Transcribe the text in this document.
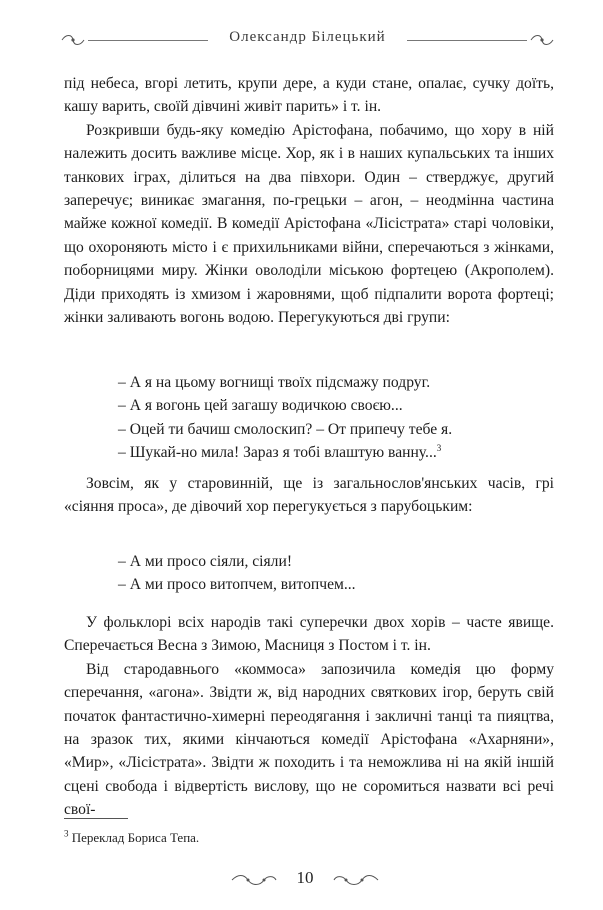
Олександр Білецький

під небеса, вгорі летить, крупи дере, а куди стане, опалає, сучку доїть, кашу варить, своїй дівчині живіт парить» і т. ін.

Розкривши будь-яку комедію Арістофана, побачимо, що хору в ній належить досить важливе місце. Хор, як і в наших купальських та інших танкових іграх, ділиться на два півхори. Один – стверджує, другий заперечує; виникає змагання, по-грецьки – агон, – неодмінна частина майже кожної комедії. В комедії Арістофана «Лісістрата» старі чоловіки, що охороняють місто і є прихильниками війни, сперечаються з жінками, поборницями миру. Жінки оволоділи міською фортецею (Акрополем). Діди приходять із хмизом і жаровнями, щоб підпалити ворота фортеці; жінки заливають вогонь водою. Перегукуються дві групи:

– А я на цьому вогнищі твоїх підсмажу подруг.
– А я вогонь цей загашу водичкою своєю...
– Оцей ти бачиш смолоскип? – От припечу тебе я.
– Шукай-но мила! Зараз я тобі влаштую ванну...$^3$

Зовсім, як у старовинній, ще із загальнослов'янських часів, грі «сіяння проса», де дівочий хор перегукується з парубоцьким:

– А ми просо сіяли, сіяли!
– А ми просо витопчем, витопчем...

У фольклорі всіх народів такі суперечки двох хорів – часте явище. Сперечається Весна з Зимою, Масниця з Постом і т. ін.

Від стародавнього «коммоса» запозичила комедія цю форму сперечання, «агона». Звідти ж, від народних святкових ігор, беруть свій початок фантастично-химерні переодягання і закличні танці та пияцтва, на зразок тих, якими кінчаються комедії Арістофана «Ахарняни», «Мир», «Лісістрата». Звідти ж походить і та неможлива ні на якій іншій сцені свобода і відвертість вислову, що не соромиться назвати всі речі свої-

$^3$ Переклад Бориса Тепа.
10
